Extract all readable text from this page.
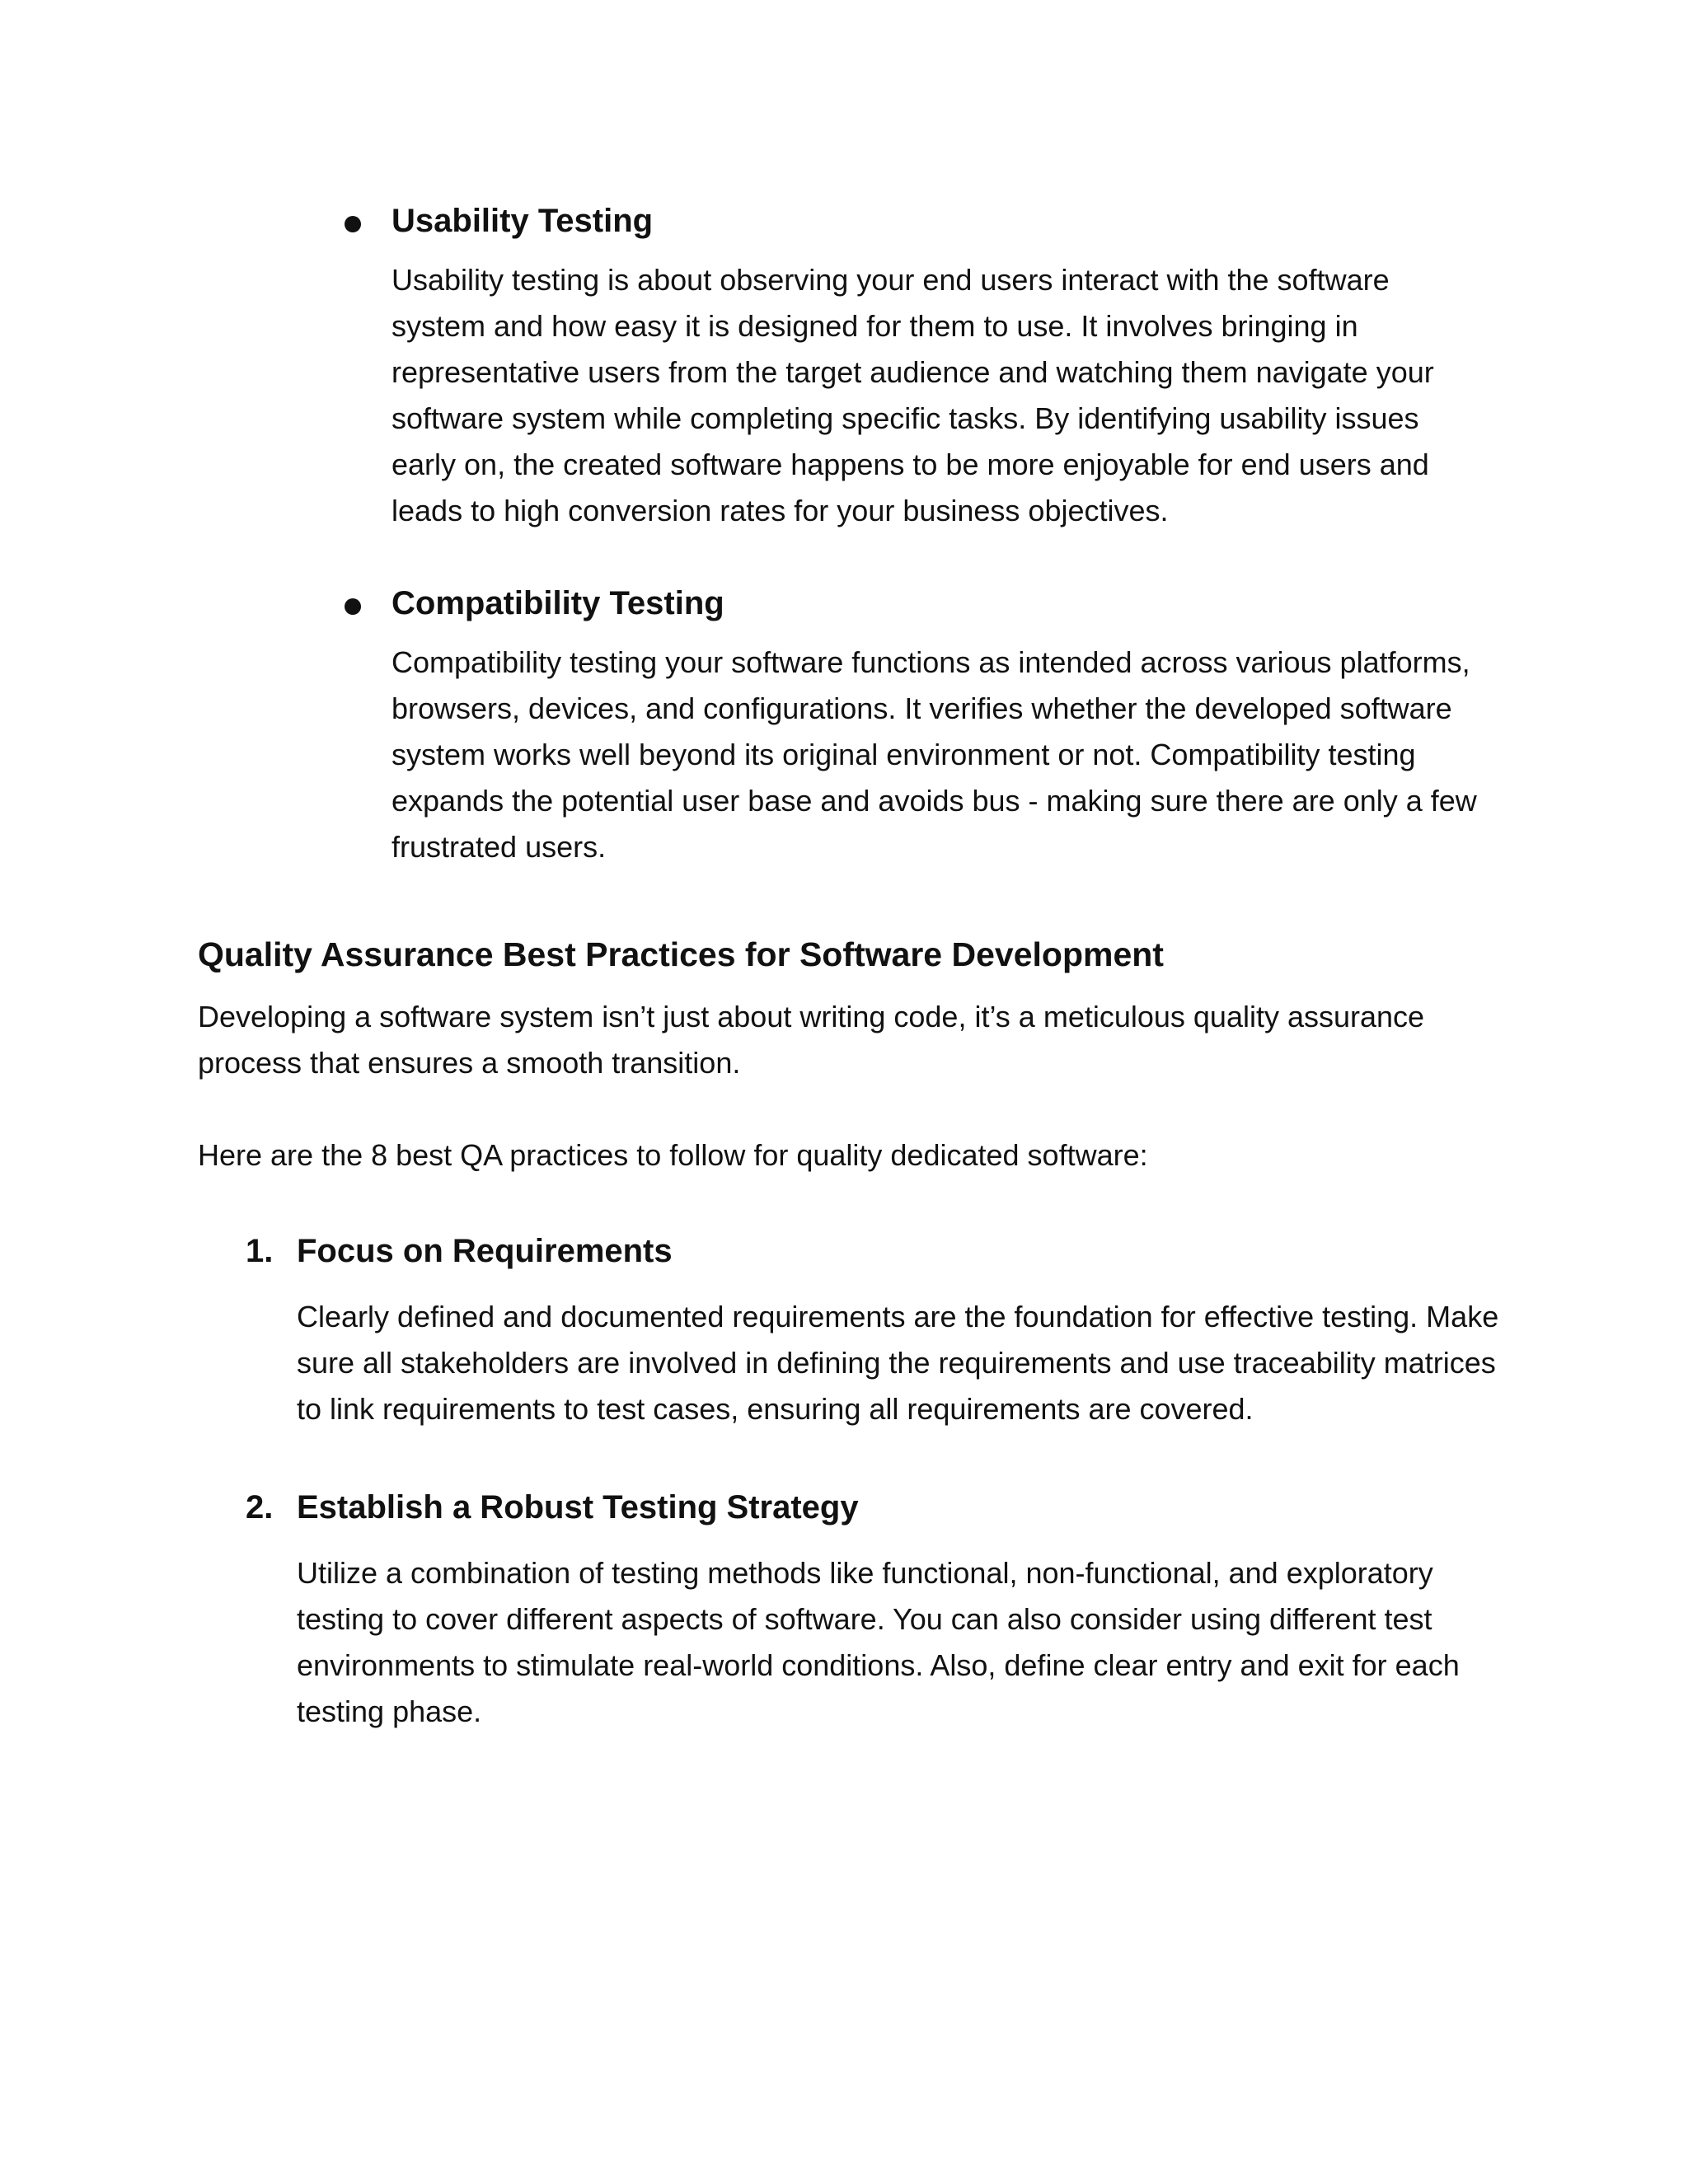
Usability Testing

Usability testing is about observing your end users interact with the software system and how easy it is designed for them to use. It involves bringing in representative users from the target audience and watching them navigate your software system while completing specific tasks. By identifying usability issues early on, the created software happens to be more enjoyable for end users and leads to high conversion rates for your business objectives.

Compatibility Testing

Compatibility testing your software functions as intended across various platforms, browsers, devices, and configurations. It verifies whether the developed software system works well beyond its original environment or not. Compatibility testing expands the potential user base and avoids bus - making sure there are only a few frustrated users.

Quality Assurance Best Practices for Software Development

Developing a software system isn’t just about writing code, it’s a meticulous quality assurance process that ensures a smooth transition.

Here are the 8 best QA practices to follow for quality dedicated software:

1. Focus on Requirements

Clearly defined and documented requirements are the foundation for effective testing. Make sure all stakeholders are involved in defining the requirements and use traceability matrices to link requirements to test cases, ensuring all requirements are covered.

2. Establish a Robust Testing Strategy

Utilize a combination of testing methods like functional, non-functional, and exploratory testing to cover different aspects of software. You can also consider using different test environments to stimulate real-world conditions. Also, define clear entry and exit for each testing phase.
